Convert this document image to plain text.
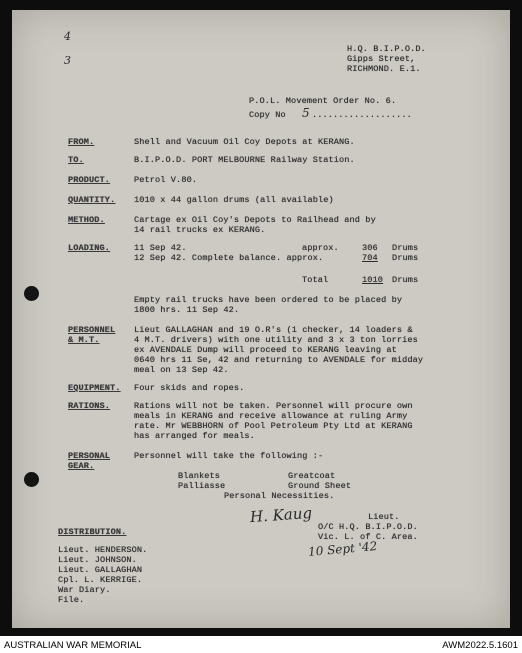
4
3
H.Q. B.I.P.O.D.
Gipps Street,
RICHMOND. E.1.
P.O.L. Movement Order No. 6.
Copy No 5 ...................
FROM.	Shell and Vacuum Oil Coy Depots at KERANG.
TO.	B.I.P.O.D. PORT MELBOURNE Railway Station.
PRODUCT.	Petrol V.80.
QUANTITY. 1010 x 44 gallon drums (all available)
METHOD.	Cartage ex Oil Coy's Depots to Railhead and by
14 rail trucks ex KERANG.
LOADING.	11 Sep 42.	approx.	306 Drums
12 Sep 42. Complete balance. approx.	704 Drums
Total	1010 Drums
Empty rail trucks have been ordered to be placed by
1800 hrs. 11 Sep 42.
PERSONNEL
& M.T.
Lieut GALLAGHAN and 19 O.R's (1 checker, 14 loaders &
4 M.T. drivers) with one utility and 3 x 3 ton lorries
ex AVENDALE Dump will proceed to KERANG leaving at
0640 hrs 11 Se, 42 and returning to AVENDALE for midday
meal on 13 Sep 42.
EQUIPMENT. Four skids and ropes.
RATIONS.	Rations will not be taken. Personnel will procure own
meals in KERANG and receive allowance at ruling Army
rate. Mr WEBBHORN of Pool Petroleum Pty Ltd at KERANG
has arranged for meals.
PERSONAL
GEAR.
Personnel will take the following :-
Blankets	Greatcoat
Palliasse	Ground Sheet
Personal Necessities.
H. Kaug	Lieut.
O/C H.Q. B.I.P.O.D.
Vic. L. of C. Area.
10 Sept '42
DISTRIBUTION.
Lieut. HENDERSON.
Lieut. JOHNSON.
Lieut. GALLAGHAN
Cpl. L. KERRIGE.
War Diary.
File.
AUSTRALIAN WAR MEMORIAL	AWM2022.5.1601
